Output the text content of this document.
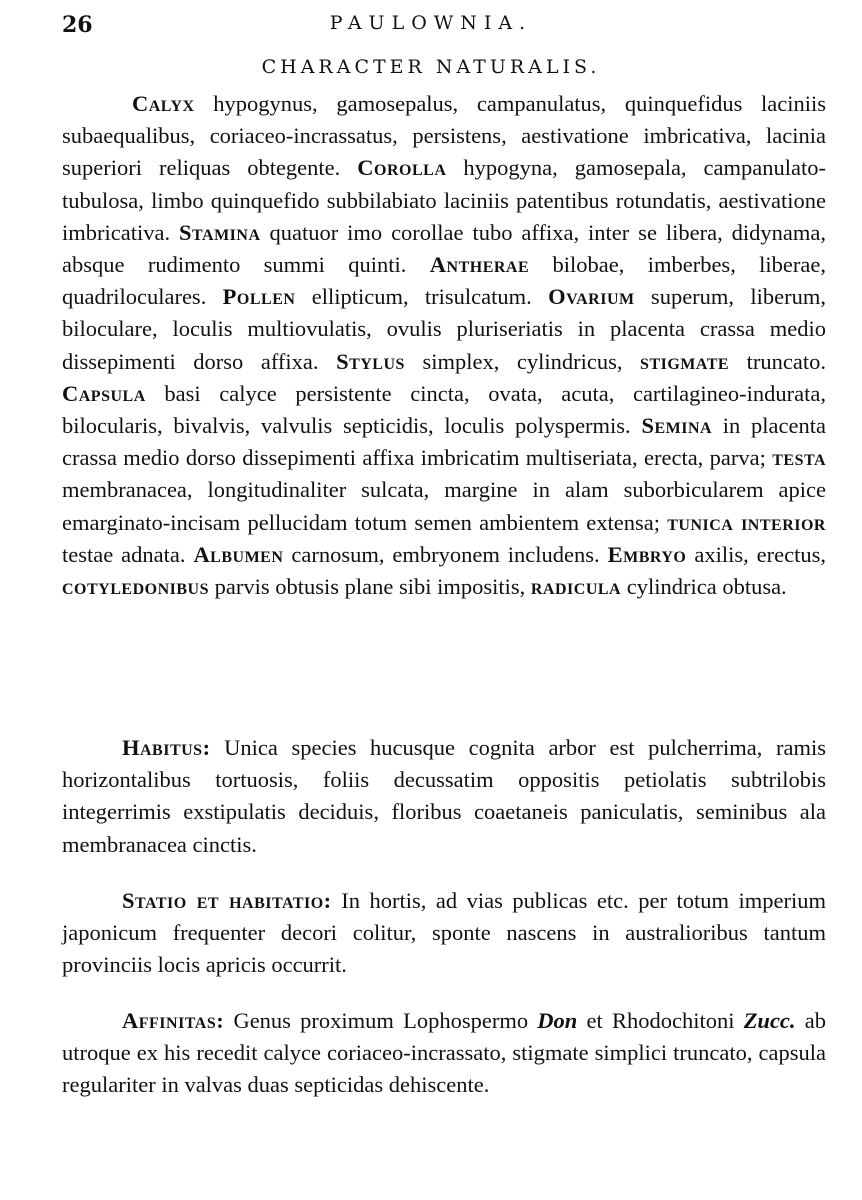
26	PAULOWNIA.
CHARACTER NATURALIS.

Calyx hypogynus, gamosepalus, campanulatus, quinquefidus laciniis subaequalibus, coriaceo-incrassatus, persistens, aestivatione imbricativa, lacinia superiori reliquas obtegente. Corolla hypogyna, gamosepala, campanulato-tubulosa, limbo quinquefido subbilabiato laciniis patentibus rotundatis, aestivatione imbricativa. Stamina quatuor imo corollae tubo affixa, inter se libera, didynama, absque rudimento summi quinti. Antherae bilobae, imberbes, liberae, quadriloculares. Pollen ellipticum, trisulcatum. Ovarium superum, liberum, biloculare, loculis multiovulatis, ovulis pluriseriatis in placenta crassa medio dissepimenti dorso affixa. Stylus simplex, cylindricus, stigmate truncato. Capsula basi calyce persistente cincta, ovata, acuta, cartilagineo-indurata, bilocularis, bivalvis, valvulis septicidis, loculis polyspermis. Semina in placenta crassa medio dorso dissepimenti affixa imbricatim multiseriata, erecta, parva; testa membranacea, longitudinaliter sulcata, margine in alam suborbicularem apice emarginato-incisam pellucidam totum semen ambientem extensa; tunica interior testae adnata. Albumen carnosum, embryonem includens. Embryo axilis, erectus, cotyledonibus parvis obtusis plane sibi impositis, radicula cylindrica obtusa.

Habitus: Unica species hucusque cognita arbor est pulcherrima, ramis horizontalibus tortuosis, foliis decussatim oppositis petiolatis subtrilobis integerrimis exstipulatis deciduis, floribus coaetaneis paniculatis, seminibus ala membranacea cinctis.

Statio et habitatio: In hortis, ad vias publicas etc. per totum imperium japonicum frequenter decori colitur, sponte nascens in australioribus tantum provinciis locis apricis occurrit.

Affinitas: Genus proximum Lophospermo Don et Rhodochitoni Zucc. ab utroque ex his recedit calyce coriaceo-incrassato, stigmate simplici truncato, capsula regulariter in valvas duas septicidas dehiscente.
